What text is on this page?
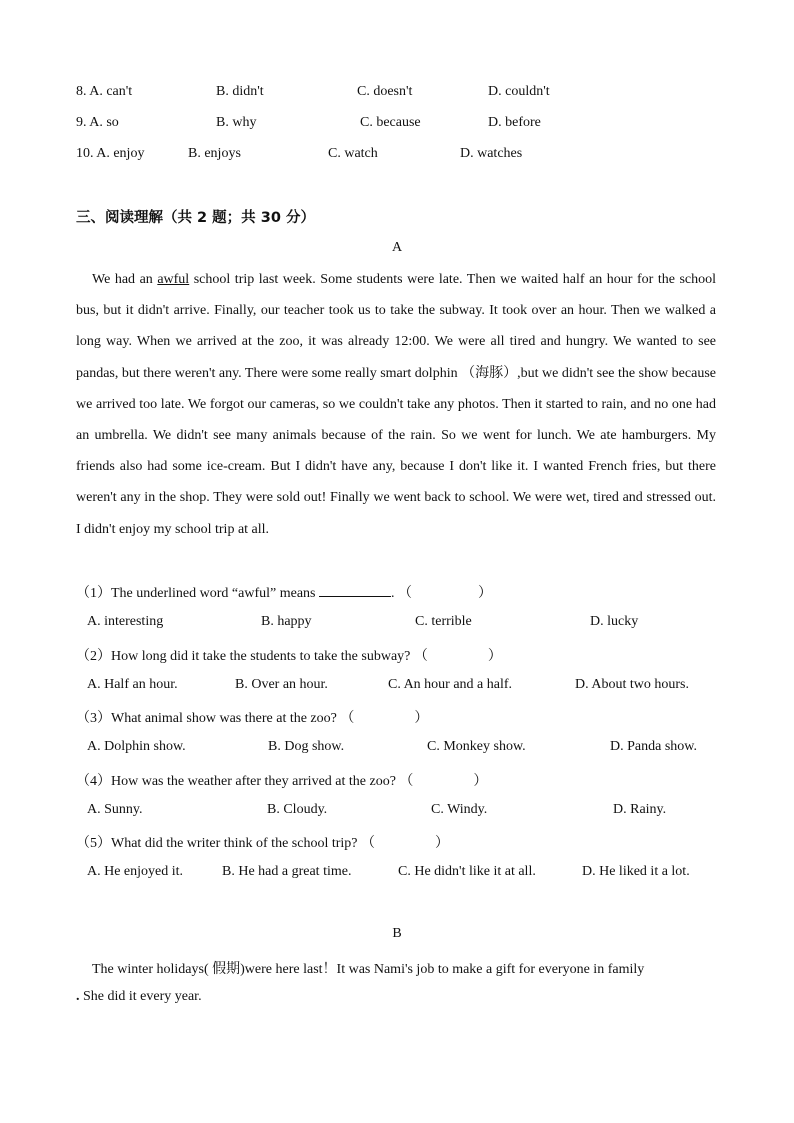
8. A. can't	B. didn't	C. doesn't	D. couldn't
9. A. so	B. why	C. because	D. before
10. A. enjoy	B. enjoys	C. watch	D. watches
三、阅读理解（共 2 题；共 30 分）
A
We had an awful school trip last week. Some students were late. Then we waited half an hour for the school bus, but it didn't arrive. Finally, our teacher took us to take the subway. It took over an hour. Then we walked a long way. When we arrived at the zoo, it was already 12:00. We were all tired and hungry. We wanted to see pandas, but there weren't any. There were some really smart dolphin （海豚）,but we didn't see the show because we arrived too late. We forgot our cameras, so we couldn't take any photos. Then it started to rain, and no one had an umbrella. We didn't see many animals because of the rain. So we went for lunch. We ate hamburgers. My friends also had some ice-cream. But I didn't have any, because I don't like it. I wanted French fries, but there weren't any in the shop. They were sold out! Finally we went back to school. We were wet, tired and stressed out. I didn't enjoy my school trip at all.
（1）The underlined word “awful” means	. （	）
A. interesting	B. happy	C. terrible	D. lucky
（2）How long did it take the students to take the subway? （	）
A. Half an hour.	B. Over an hour.	C. An hour and a half.	D. About two hours.
（3）What animal show was there at the zoo? （	）
A. Dolphin show.	B. Dog show.	C. Monkey show.	D. Panda show.
（4）How was the weather after they arrived at the zoo? （	）
A. Sunny.	B. Cloudy.	C. Windy.	D. Rainy.
（5）What did the writer think of the school trip? （	）
A. He enjoyed it.	B. He had a great time.	C. He didn't like it at all.	D. He liked it a lot.
B
The winter holidays( 假期)were here last！It was Nami's job to make a gift for everyone in family
. She did it every year.
